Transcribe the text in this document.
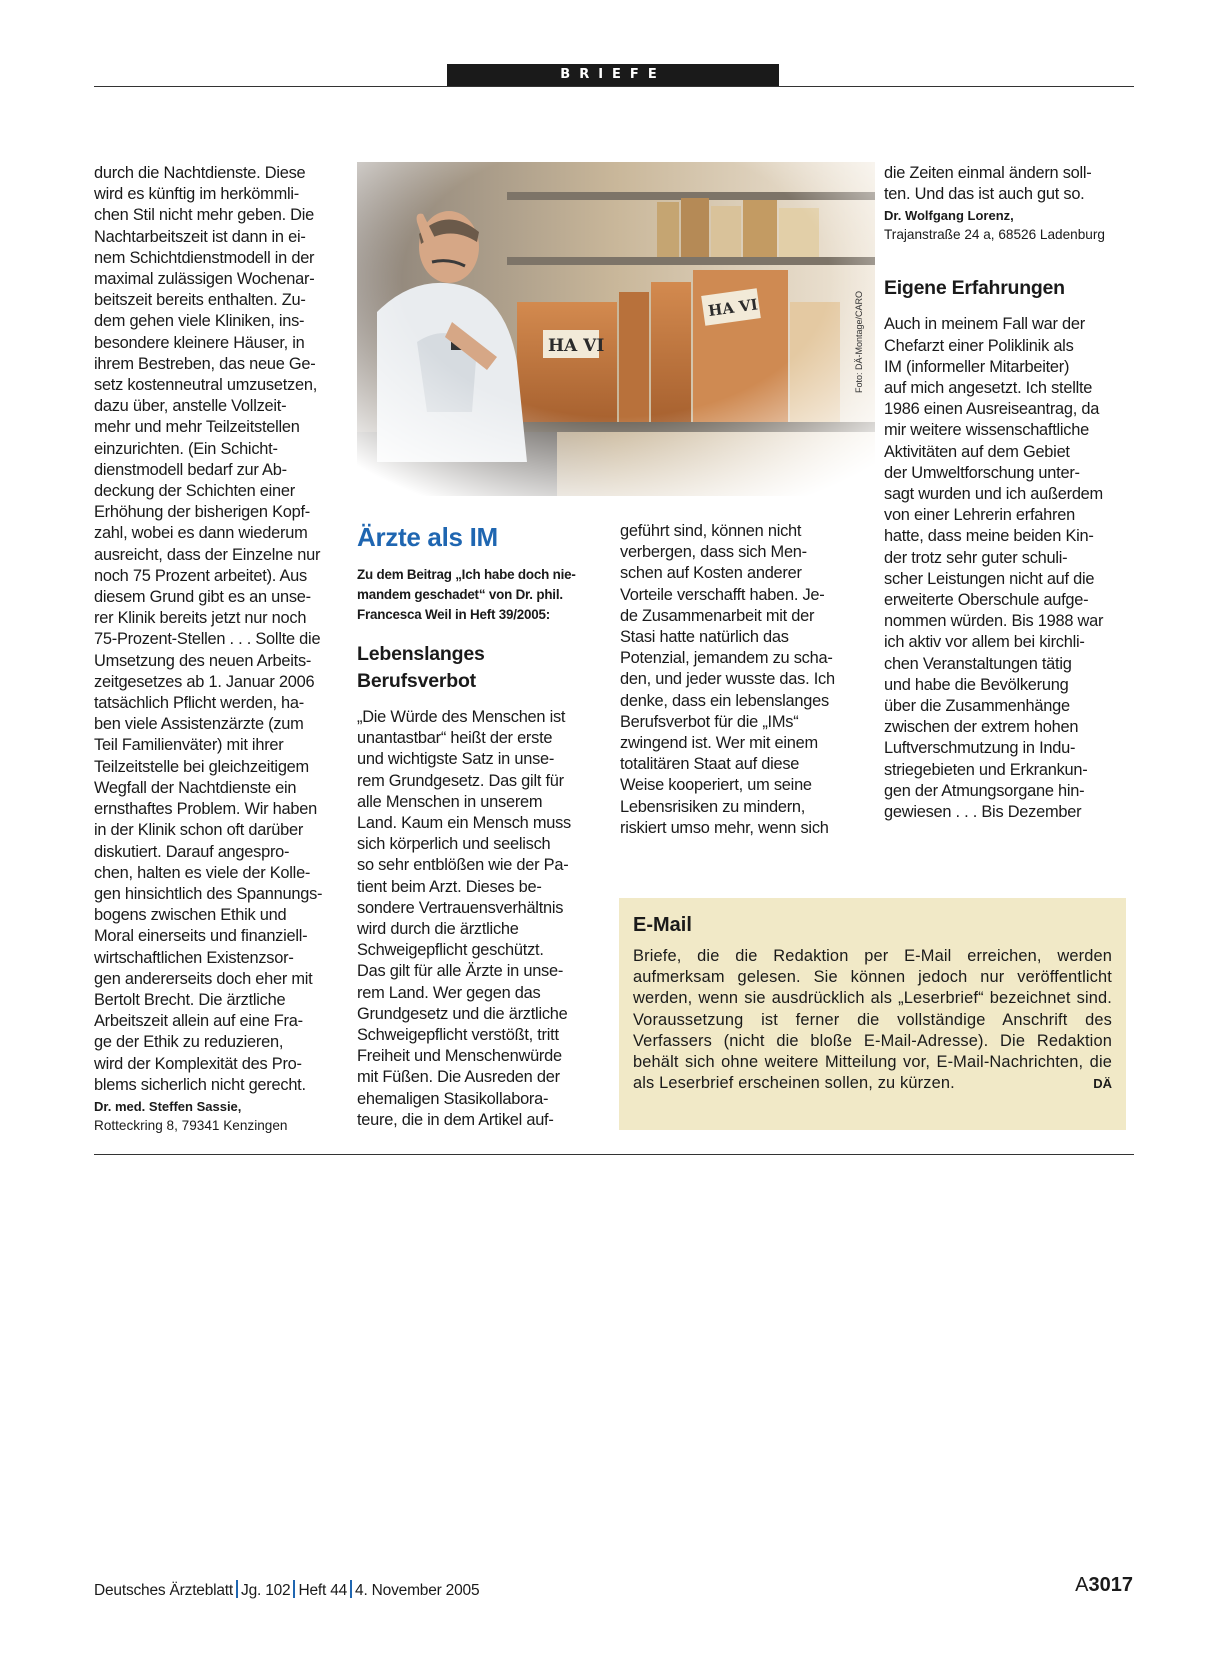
BRIEFE

durch die Nachtdienste. Diese
wird es künftig im herkömmli-
chen Stil nicht mehr geben. Die
Nachtarbeitszeit ist dann in ei-
nem Schichtdienstmodell in der
maximal zulässigen Wochenar-
beitszeit bereits enthalten. Zu-
dem gehen viele Kliniken, ins-
besondere kleinere Häuser, in
ihrem Bestreben, das neue Ge-
setz kostenneutral umzusetzen,
dazu über, anstelle Vollzeit-
mehr und mehr Teilzeitstellen
einzurichten. (Ein Schicht-
dienstmodell bedarf zur Ab-
deckung der Schichten einer
Erhöhung der bisherigen Kopf-
zahl, wobei es dann wiederum
ausreicht, dass der Einzelne nur
noch 75 Prozent arbeitet). Aus
diesem Grund gibt es an unse-
rer Klinik bereits jetzt nur noch
75-Prozent-Stellen . . . Sollte die
Umsetzung des neuen Arbeits-
zeitgesetzes ab 1. Januar 2006
tatsächlich Pflicht werden, ha-
ben viele Assistenzärzte (zum
Teil Familienväter) mit ihrer
Teilzeitstelle bei gleichzeitigem
Wegfall der Nachtdienste ein
ernsthaftes Problem. Wir haben
in der Klinik schon oft darüber
diskutiert. Darauf angespro-
chen, halten es viele der Kolle-
gen hinsichtlich des Spannungs-
bogens zwischen Ethik und
Moral einerseits und finanziell-
wirtschaftlichen Existenzsor-
gen andererseits doch eher mit
Bertolt Brecht. Die ärztliche
Arbeitszeit allein auf eine Fra-
ge der Ethik zu reduzieren,
wird der Komplexität des Pro-
blems sicherlich nicht gerecht.

Dr. med. Steffen Sassie,
Rotteckring 8, 79341 Kenzingen
Foto: DÄ-Montage/CARO
Ärzte als IM
Zu dem Beitrag „Ich habe doch nie-
mandem geschadet“ von Dr. phil.
Francesca Weil in Heft 39/2005:
Lebenslanges
Berufsverbot

„Die Würde des Menschen ist
unantastbar“ heißt der erste
und wichtigste Satz in unse-
rem Grundgesetz. Das gilt für
alle Menschen in unserem
Land. Kaum ein Mensch muss
sich körperlich und seelisch
so sehr entblößen wie der Pa-
tient beim Arzt. Dieses be-
sondere Vertrauensverhältnis
wird durch die ärztliche
Schweigepflicht geschützt.
Das gilt für alle Ärzte in unse-
rem Land. Wer gegen das
Grundgesetz und die ärztliche
Schweigepflicht verstößt, tritt
Freiheit und Menschenwürde
mit Füßen. Die Ausreden der
ehemaligen Stasikollabora-
teure, die in dem Artikel auf-

geführt sind, können nicht
verbergen, dass sich Men-
schen auf Kosten anderer
Vorteile verschafft haben. Je-
de Zusammenarbeit mit der
Stasi hatte natürlich das
Potenzial, jemandem zu scha-
den, und jeder wusste das. Ich
denke, dass ein lebenslanges
Berufsverbot für die „IMs“
zwingend ist. Wer mit einem
totalitären Staat auf diese
Weise kooperiert, um seine
Lebensrisiken zu mindern,
riskiert umso mehr, wenn sich

die Zeiten einmal ändern soll-
ten. Und das ist auch gut so.

Dr. Wolfgang Lorenz,
Trajanstraße 24 a, 68526 Ladenburg
Eigene Erfahrungen

Auch in meinem Fall war der
Chefarzt einer Poliklinik als
IM (informeller Mitarbeiter)
auf mich angesetzt. Ich stellte
1986 einen Ausreiseantrag, da
mir weitere wissenschaftliche
Aktivitäten auf dem Gebiet
der Umweltforschung unter-
sagt wurden und ich außerdem
von einer Lehrerin erfahren
hatte, dass meine beiden Kin-
der trotz sehr guter schuli-
scher Leistungen nicht auf die
erweiterte Oberschule aufge-
nommen würden. Bis 1988 war
ich aktiv vor allem bei kirchli-
chen Veranstaltungen tätig
und habe die Bevölkerung
über die Zusammenhänge
zwischen der extrem hohen
Luftverschmutzung in Indu-
striegebieten und Erkrankun-
gen der Atmungsorgane hin-
gewiesen . . . Bis Dezember

E-Mail
Briefe, die die Redaktion per E-Mail erreichen, werden aufmerksam gelesen. Sie können jedoch nur veröffentlicht werden, wenn sie ausdrücklich als „Leserbrief“ bezeichnet sind. Voraussetzung ist ferner die vollständige Anschrift des Verfassers (nicht die bloße E-Mail-Adresse). Die Redaktion behält sich ohne weitere Mitteilung vor, E-Mail-Nachrichten, die als Leserbrief erscheinen sollen, zu kürzen.	DÄ
Deutsches Ärzteblatt Jg. 102 Heft 44 4. November 2005	A3017
